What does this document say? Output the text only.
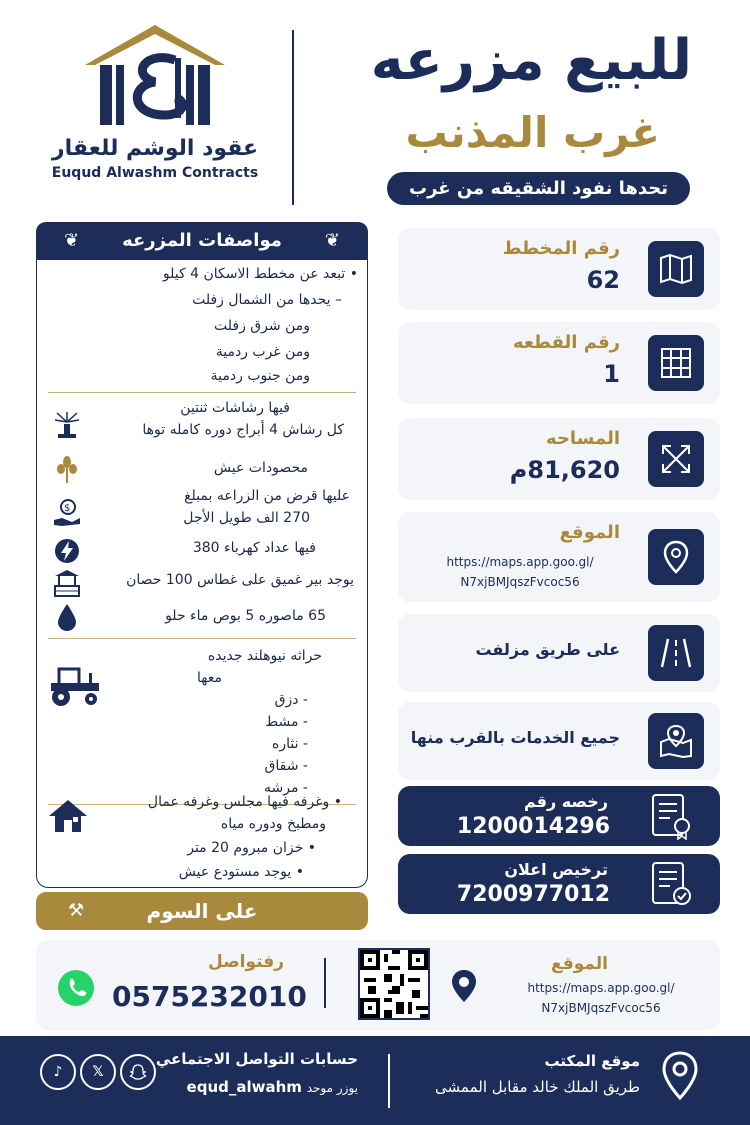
عقود الوشم للعقار
Euqud Alwashm Contracts
للبيع مزرعه
غرب المذنب
تحدها نفود الشقيقه من غرب
❦ مواصفات المزرعه ❦
• تبعد عن مخطط الاسكان 4 كيلو
– يحدها من الشمال زفلت
ومن شرق زفلت
ومن غرب ردمية
ومن جنوب ردمية
فيها رشاشات ثنتين
كل رشاش 4 أبراج دوره كامله توها
محصودات عيش
$
عليها قرض من الزراعه بمبلغ
270 الف طويل الأجل
فيها عداد كهرباء 380
يوجد بير غميق على غطاس 100 حصان
65 ماصوره 5 بوص ماء حلو
حراثه نيوهلند جديده
معها
- دزق
- مشط
- نثاره
- شقاق
- مرشه
• وغرفه فيها مجلس وغرفه عمال
ومطبخ ودوره مياه
• خزان مبروم 20 متر
• يوجد مستودع عيش
على السوم
⚒
رقم المخطط
62
رقم القطعه
1
المساحه
81,620م
الموقع
https://maps.app.goo.gl/
N7xjBMJqszFvcoc56
على طريق مزلفت
جميع الخدمات بالقرب منها
رخصه رقم
1200014296
ترخيص اعلان
7200977012
رفتواصل
0575232010
الموقع
https://maps.app.goo.gl/
N7xjBMJqszFvcoc56
♪	𝕏
حسابات التواصل الاجتماعي
يوزر موحد equd_alwahm
موقع المكتب
طريق الملك خالد مقابل الممشى
